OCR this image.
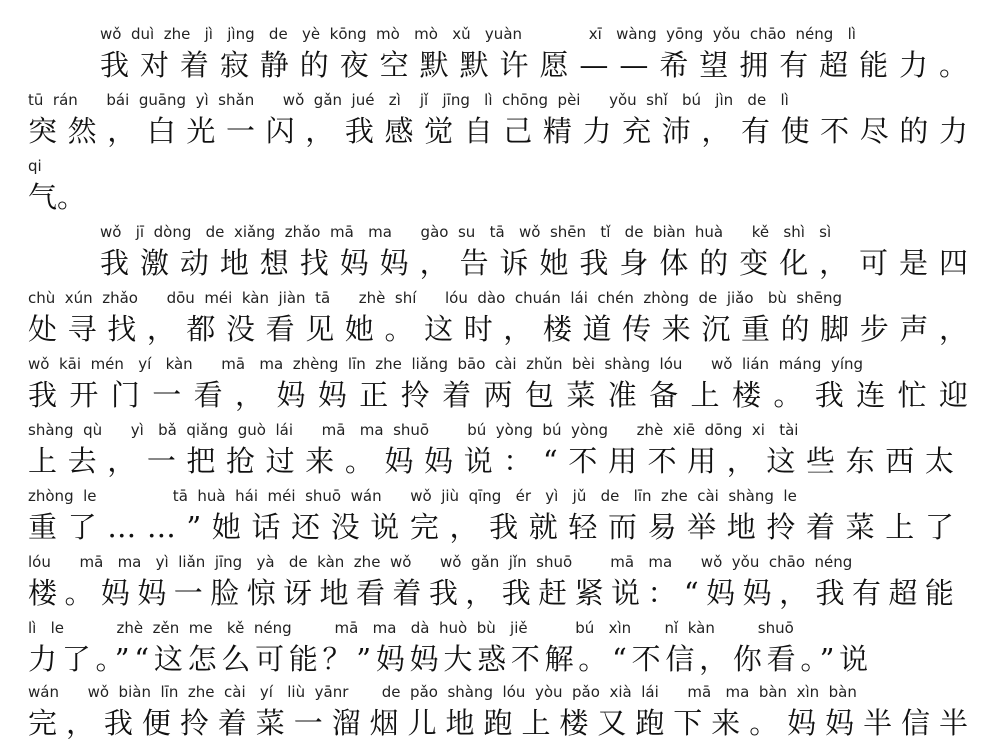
wǒ  duì  zhe   jì   jìng   de   yè  kōng  mò   mò   xǔ   yuàn              xī   wàng  yōng  yǒu  chāo  néng   lì
我对着寂静的夜空默默许愿——希望拥有超能力。
tū  rán      bái  guāng  yì  shǎn      wǒ  gǎn  jué   zì    jǐ   jīng   lì  chōng  pèi      yǒu  shǐ   bú   jìn   de   lì
突然，白光一闪，我感觉自己精力充沛，有使不尽的力
qi
气。
wǒ   jī  dòng   de  xiǎng  zhǎo  mā   ma      gào  su   tā   wǒ  shēn   tǐ   de  biàn  huà      kě   shì   sì
我激动地想找妈妈，告诉她我身体的变化，可是四
chù  xún  zhǎo      dōu  méi  kàn  jiàn  tā      zhè  shí      lóu  dào  chuán  lái  chén  zhòng  de  jiǎo   bù  shēng
处寻找，都没看见她。这时，楼道传来沉重的脚步声，
wǒ  kāi  mén   yí   kàn      mā   ma  zhèng  līn  zhe  liǎng  bāo  cài  zhǔn  bèi  shàng  lóu      wǒ  lián  máng  yíng
我开门一看，妈妈正拎着两包菜准备上楼。我连忙迎
shàng  qù      yì   bǎ  qiǎng  guò  lái      mā   ma  shuō        bú  yòng  bú  yòng      zhè  xiē  dōng  xi   tài
上去，一把抢过来。妈妈说：“不用不用，这些东西太
zhòng  le                tā  huà  hái  méi  shuō  wán      wǒ  jiù  qīng   ér   yì   jǔ   de   līn  zhe  cài  shàng  le
重了……”她话还没说完，我就轻而易举地拎着菜上了
lóu      mā   ma   yì  liǎn  jīng   yà   de  kàn  zhe  wǒ      wǒ  gǎn  jǐn  shuō        mā   ma      wǒ  yǒu  chāo  néng
楼。妈妈一脸惊讶地看着我，我赶紧说：“妈妈，我有超能
lì   le           zhè  zěn  me   kě  néng         mā   ma   dà  huò  bù   jiě          bú   xìn       nǐ  kàn         shuō
力了。”“这怎么可能？”妈妈大惑不解。“不信，你看。”说
wán      wǒ  biàn  līn  zhe  cài   yí   liù  yānr       de  pǎo  shàng  lóu  yòu  pǎo  xià  lái      mā   ma  bàn  xìn  bàn
完，我便拎着菜一溜烟儿地跑上楼又跑下来。妈妈半信半
